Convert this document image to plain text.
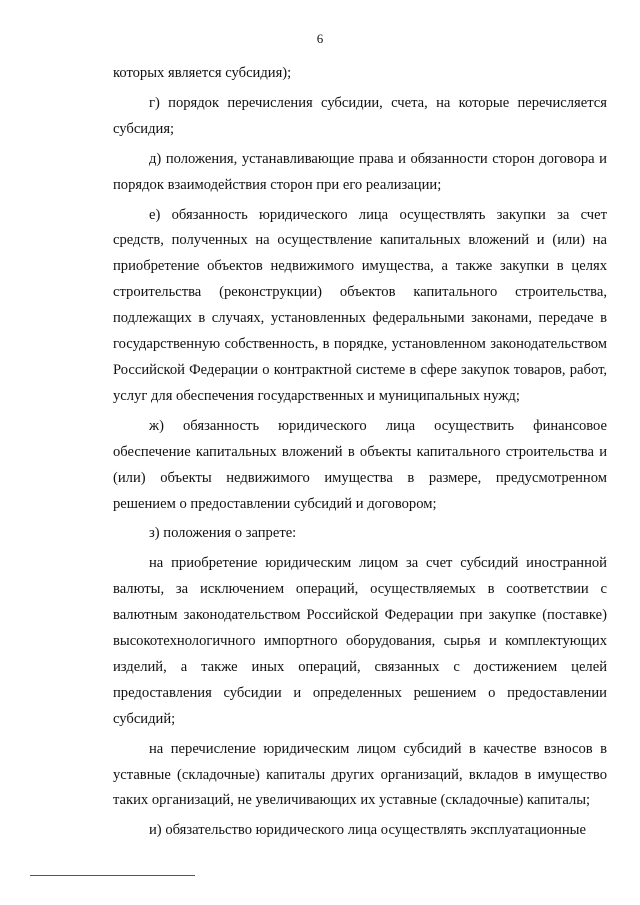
6

которых является субсидия);

г) порядок перечисления субсидии, счета, на которые перечисляется субсидия;

д) положения, устанавливающие права и обязанности сторон договора и порядок взаимодействия сторон при его реализации;

е) обязанность юридического лица осуществлять закупки за счет средств, полученных на осуществление капитальных вложений и (или) на приобретение объектов недвижимого имущества, а также закупки в целях строительства (реконструкции) объектов капитального строительства, подлежащих в случаях, установленных федеральными законами, передаче в государственную собственность, в порядке, установленном законодательством Российской Федерации о контрактной системе в сфере закупок товаров, работ, услуг для обеспечения государственных и муниципальных нужд;

ж) обязанность юридического лица осуществить финансовое обеспечение капитальных вложений в объекты капитального строительства и (или) объекты недвижимого имущества в размере, предусмотренном решением о предоставлении субсидий и договором;

з) положения о запрете:

на приобретение юридическим лицом за счет субсидий иностранной валюты, за исключением операций, осуществляемых в соответствии с валютным законодательством Российской Федерации при закупке (поставке) высокотехнологичного импортного оборудования, сырья и комплектующих изделий, а также иных операций, связанных с достижением целей предоставления субсидии и определенных решением о предоставлении субсидий;

на перечисление юридическим лицом субсидий в качестве взносов в уставные (складочные) капиталы других организаций, вкладов в имущество таких организаций, не увеличивающих их уставные (складочные) капиталы;

и) обязательство юридического лица осуществлять эксплуатационные
